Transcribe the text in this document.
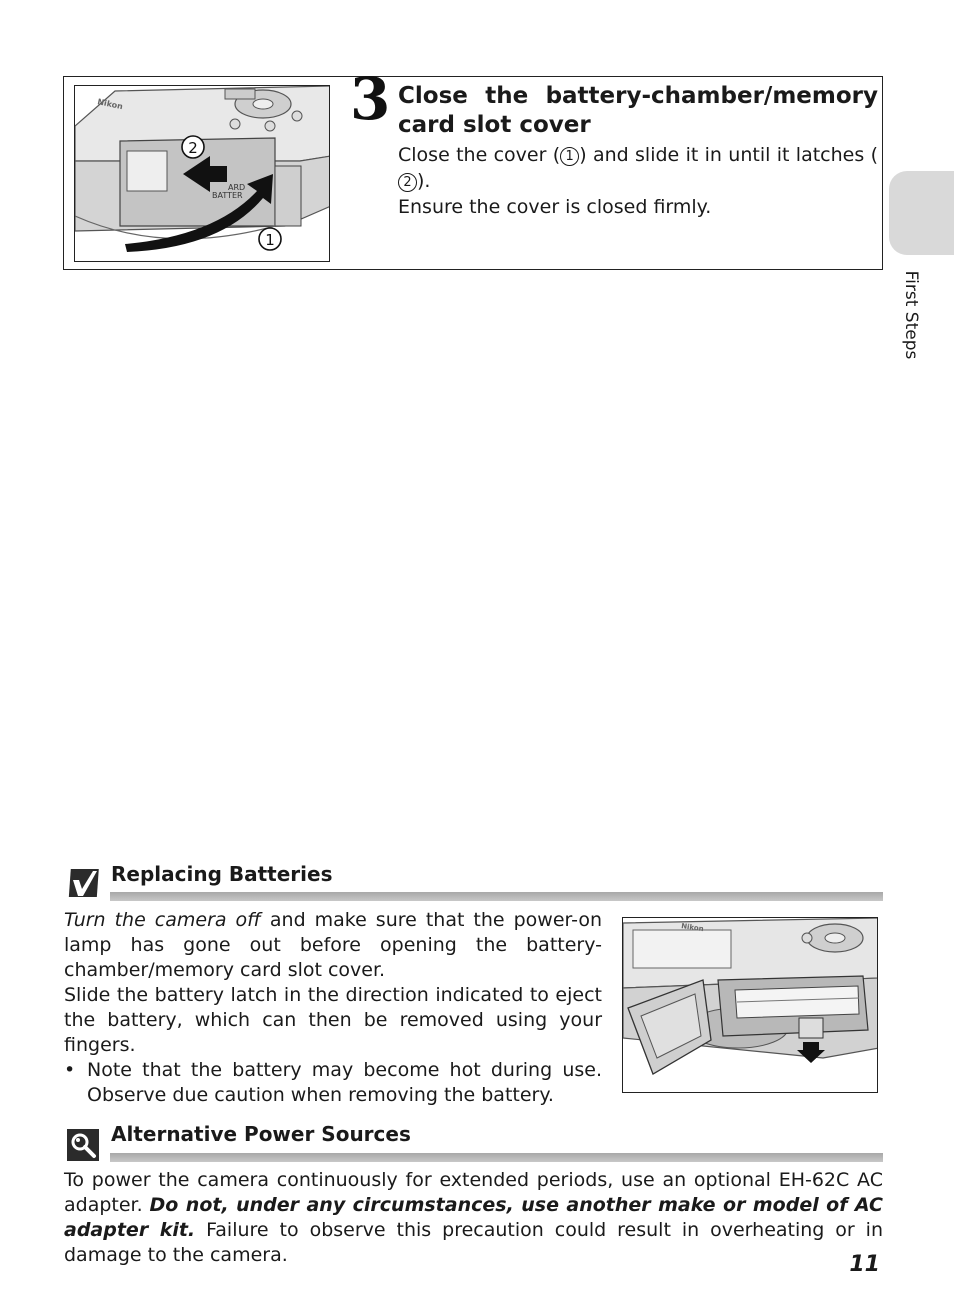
Nikon
ARD
BATTER
2
1
3 Close the battery-chamber/memory card slot cover

Close the cover ( 1 ) and slide it in until it latches (2 ).

Ensure the cover is closed firmly.

First Steps
Replacing Batteries

Turn the camera off and make sure that the power-on lamp has gone out before opening the battery-chamber/memory card slot cover.

Slide the battery latch in the direction indicated to eject the battery, which can then be removed using your fingers.

• Note that the battery may become hot during use. Observe due caution when removing the battery.
Nikon
Alternative Power Sources

To power the camera continuously for extended periods, use an optional EH-62C AC adapter. Do not, under any circumstances, use another make or model of AC adapter kit. Failure to observe this precaution could result in overheating or in damage to the camera.	11
